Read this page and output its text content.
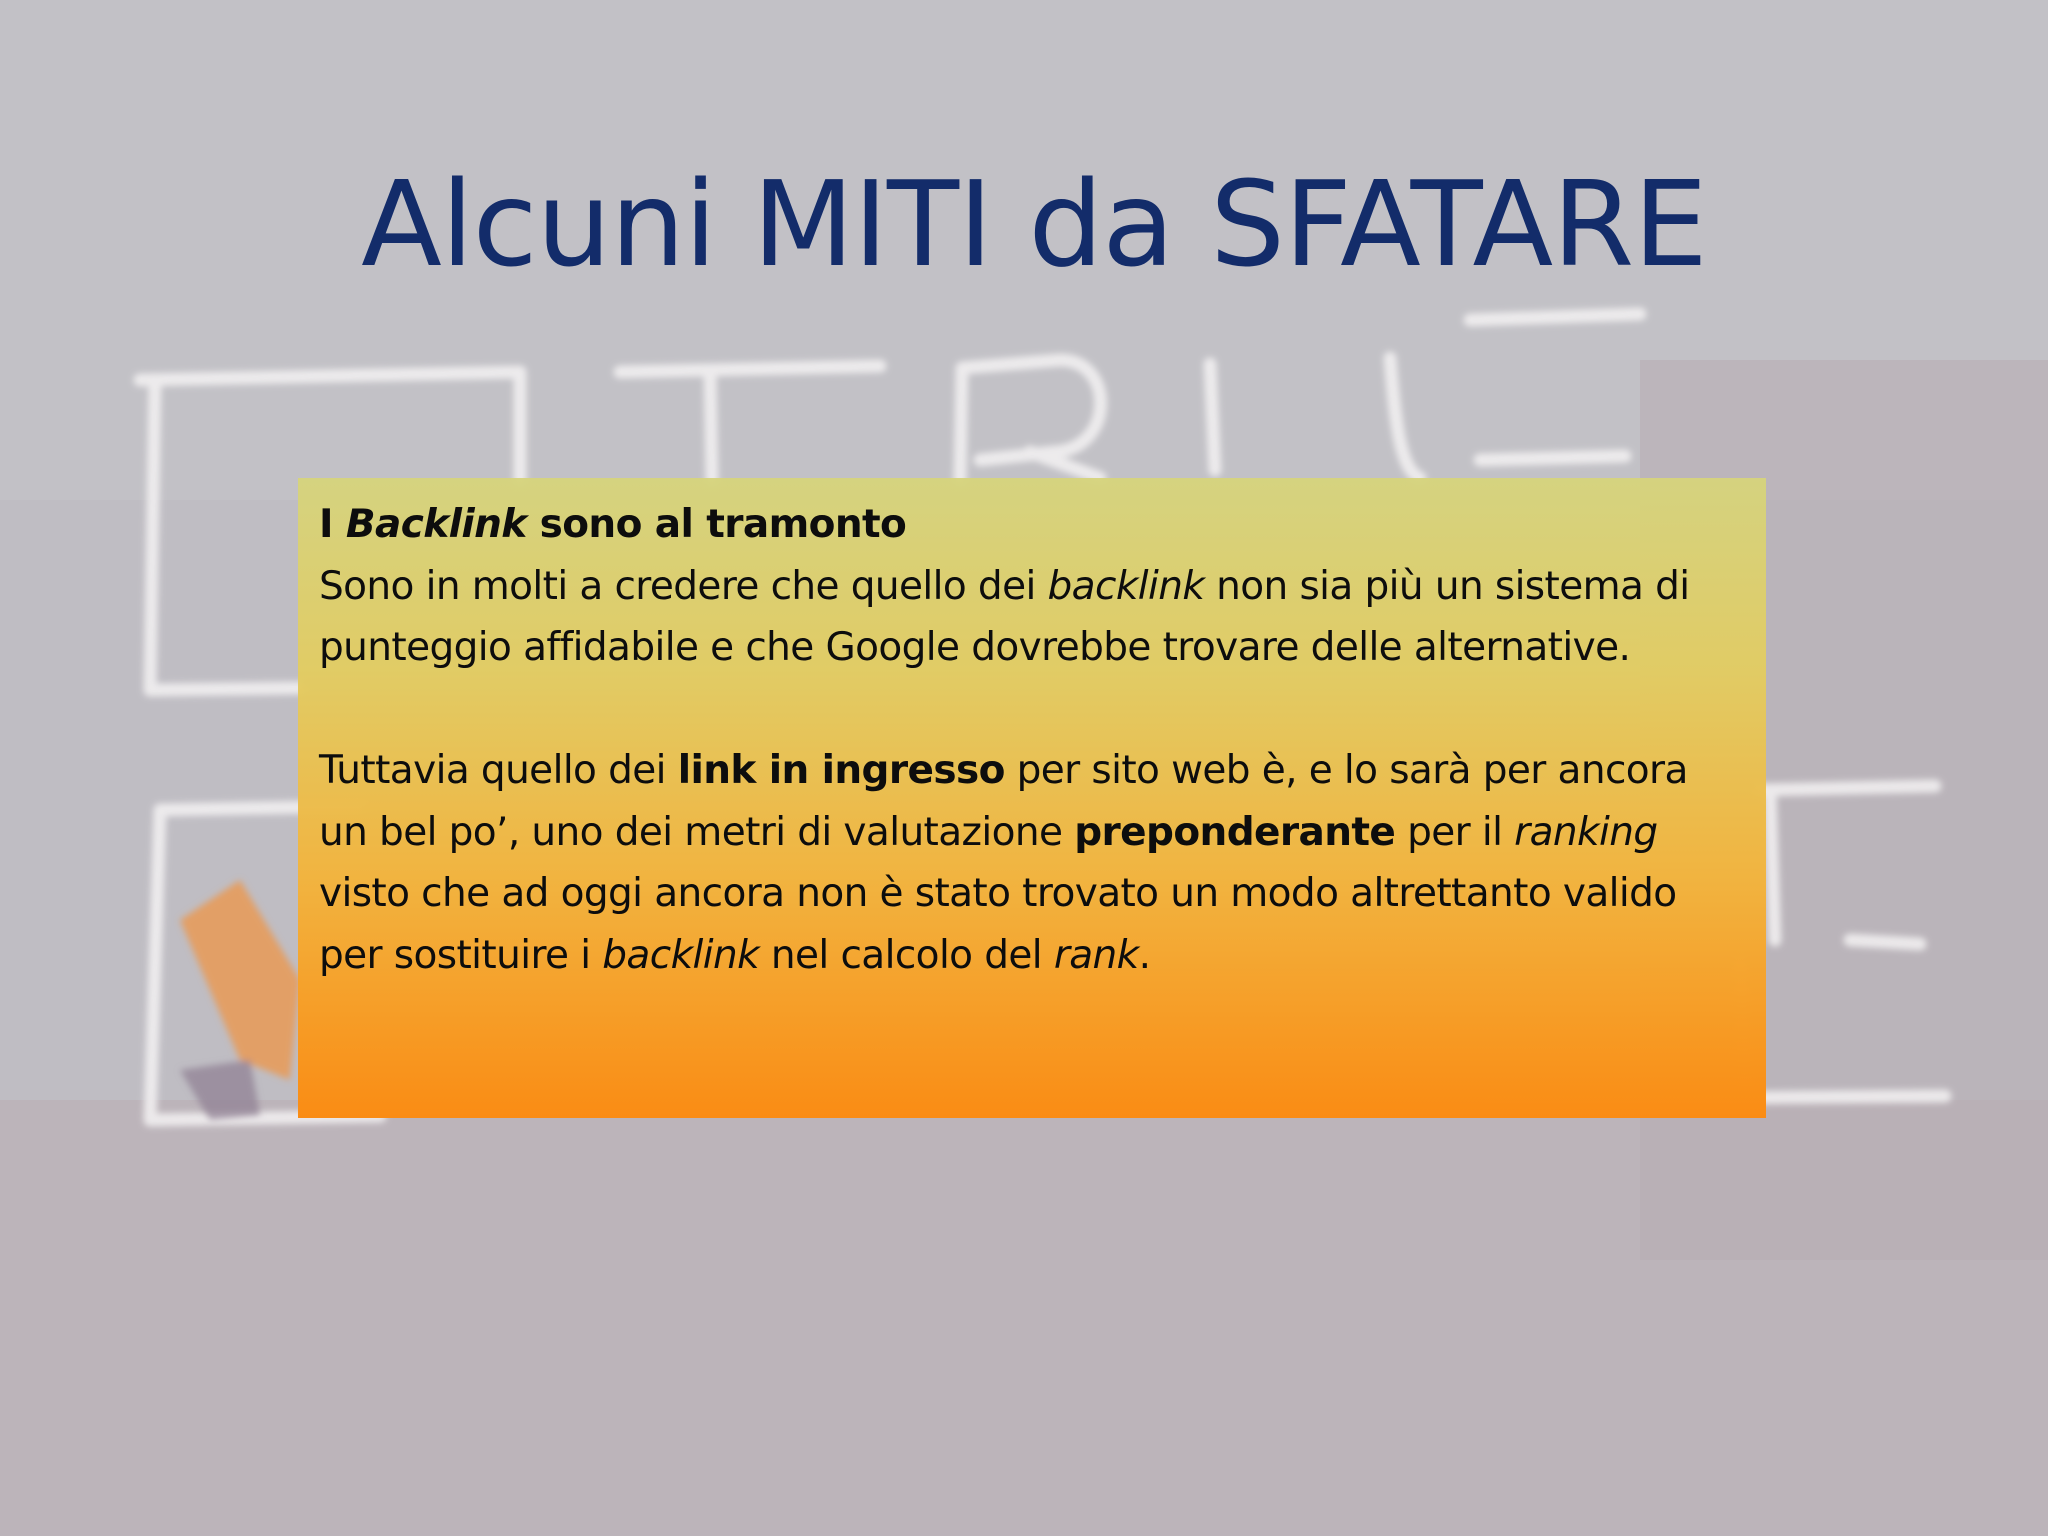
Alcuni MITI da SFATARE

I Backlink sono al tramonto

Sono in molti a credere che quello dei backlink non sia più un sistema di punteggio affidabile e che Google dovrebbe trovare delle alternative.

Tuttavia quello dei link in ingresso per sito web è, e lo sarà per ancora un bel po’, uno dei metri di valutazione preponderante per il ranking visto che ad oggi ancora non è stato trovato un modo altrettanto valido per sostituire i backlink nel calcolo del rank.
